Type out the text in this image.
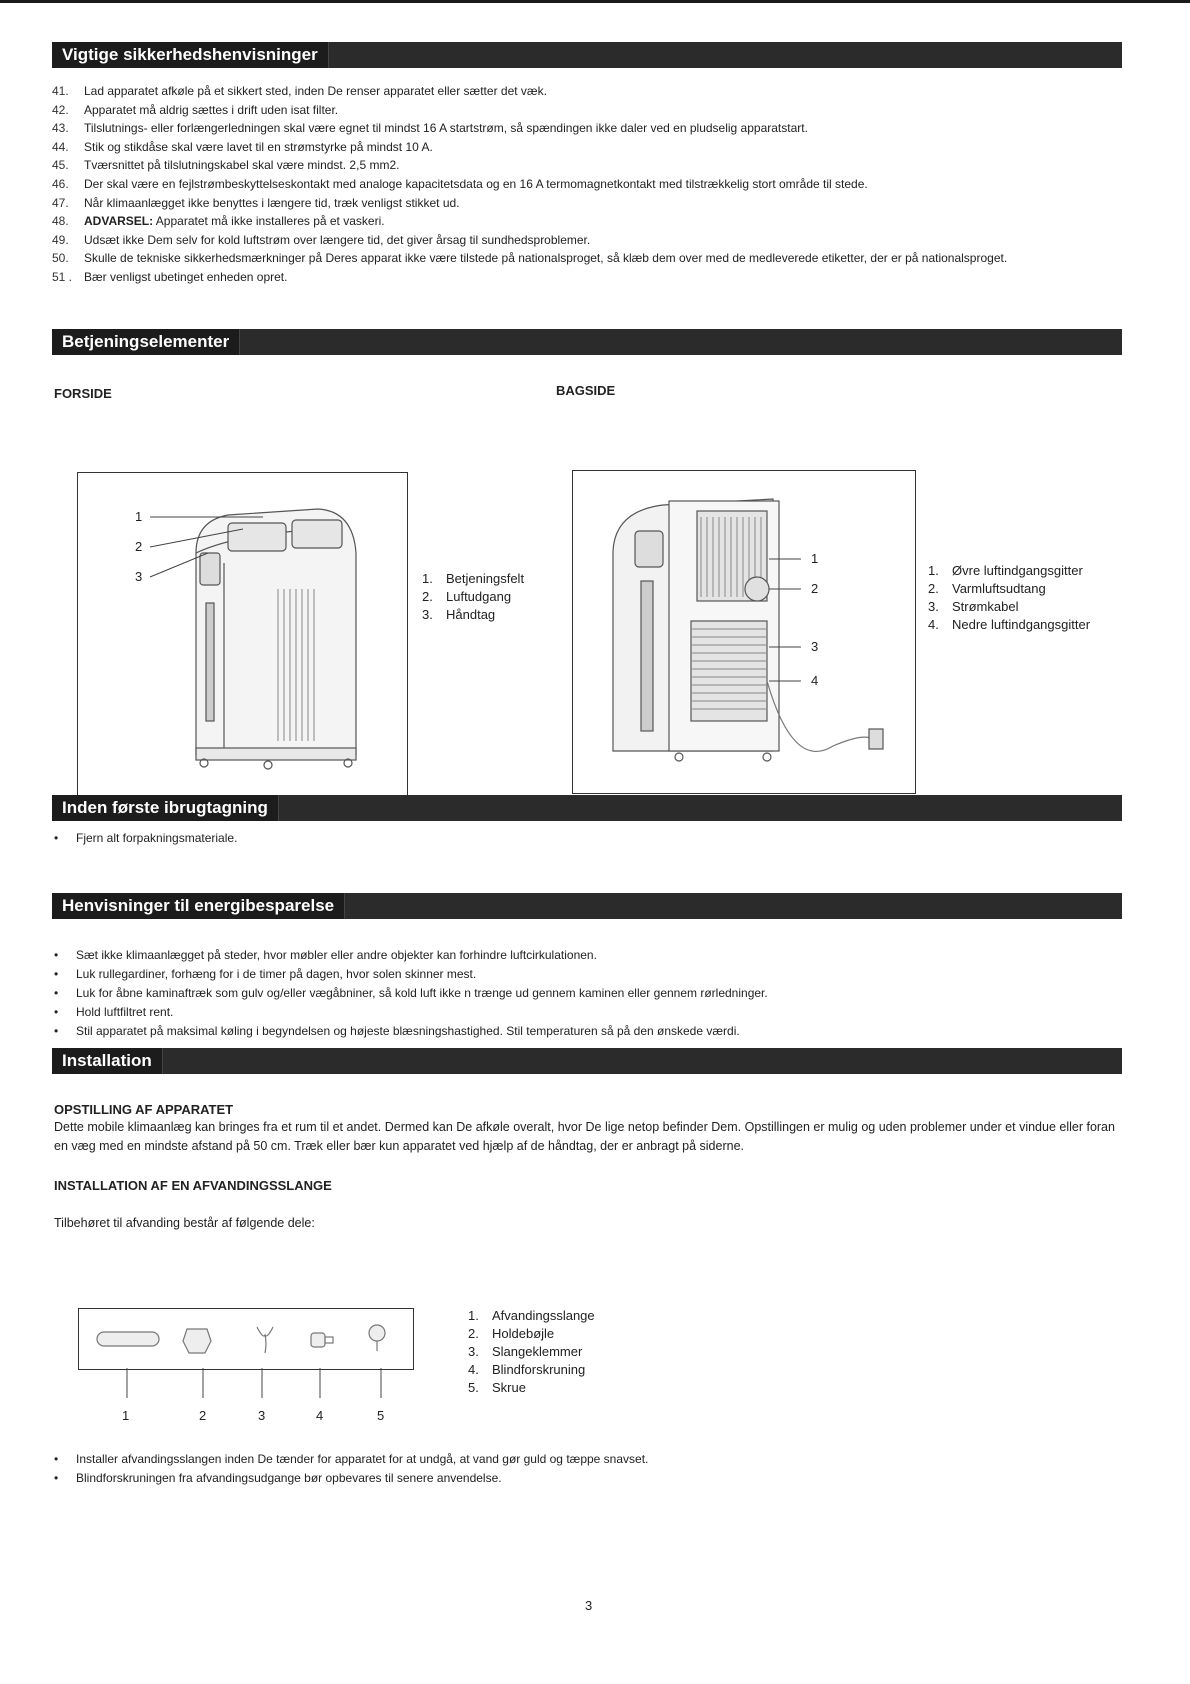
Vigtige sikkerhedshenvisninger
41. Lad apparatet afkøle på et sikkert sted, inden De renser apparatet eller sætter det væk.
42. Apparatet må aldrig sættes i drift uden isat filter.
43. Tilslutnings- eller forlængerledningen skal være egnet til mindst 16 A startstrøm, så spændingen ikke daler ved en pludselig apparatstart.
44. Stik og stikdåse skal være lavet til en strømstyrke på mindst 10 A.
45. Tværsnittet på tilslutningskabel skal være mindst. 2,5 mm2.
46. Der skal være en fejlstrømbeskyttelseskontakt med analoge kapacitetsdata og en 16 A termomagnetkontakt med tilstrækkelig stort område til stede.
47. Når klimaanlægget ikke benyttes i længere tid, træk venligst stikket ud.
48. ADVARSEL: Apparatet må ikke installeres på et vaskeri.
49. Udsæt ikke Dem selv for kold luftstrøm over længere tid, det giver årsag til sundhedsproblemer.
50. Skulle de tekniske sikkerhedsmærkninger på Deres apparat ikke være tilstede på nationalsproget, så klæb dem over med de medleverede etiketter, der er på nationalsproget.
51 . Bær venligst ubetinget enheden opret.
Betjeningselementer
FORSIDE	BAGSIDE
1
2
3	1. Betjeningsfelt
2. Luftudgang
3. Håndtag
1
2
3
4
1. Øvre luftindgangsgitter
2. Varmluftsudtang
3. Strømkabel
4. Nedre luftindgangsgitter
Inden første ibrugtagning
• Fjern alt forpakningsmateriale.
Henvisninger til energibesparelse
• Sæt ikke klimaanlægget på steder, hvor møbler eller andre objekter kan forhindre luftcirkulationen.
• Luk rullegardiner, forhæng for i de timer på dagen, hvor solen skinner mest.
• Luk for åbne kaminaftræk som gulv og/eller vægåbniner, så kold luft ikke n trænge ud gennem kaminen eller gennem rørledninger.
• Hold luftfiltret rent.
• Stil apparatet på maksimal køling i begyndelsen og højeste blæsningshastighed. Stil temperaturen så på den ønskede værdi.
Installation
OPSTILLING AF APPARATET
Dette mobile klimaanlæg kan bringes fra et rum til et andet. Dermed kan De afkøle overalt, hvor De lige netop befinder Dem. Opstillingen er mulig og uden problemer under et vindue eller foran en væg med en mindste afstand på 50 cm. Træk eller bær kun apparatet ved hjælp af de håndtag, der er anbragt på siderne.
INSTALLATION AF EN AFVANDINGSSLANGE
Tilbehøret til afvanding består af følgende dele:
1	2	3	4	5
1. Afvandingsslange
2. Holdebøjle
3. Slangeklemmer
4. Blindforskruning
5. Skrue
• Installer afvandingsslangen inden De tænder for apparatet for at undgå, at vand gør guld og tæppe snavset.
• Blindforskruningen fra afvandingsudgange bør opbevares til senere anvendelse.
3
